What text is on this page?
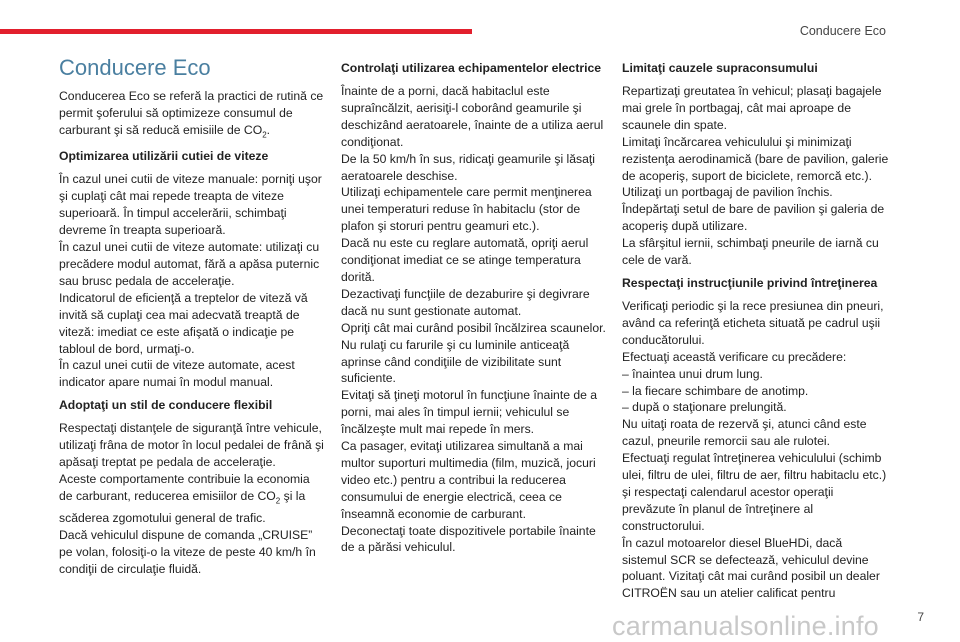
Conducere Eco
Conducere Eco

Conducerea Eco se referă la practici de rutină ce permit şoferului să optimizeze consumul de carburant şi să reducă emisiile de $CO_2$.

Optimizarea utilizării cutiei de viteze

În cazul unei cutii de viteze manuale: porniţi uşor şi cuplaţi cât mai repede treapta de viteze superioară. În timpul accelerării, schimbaţi devreme în treapta superioară.
În cazul unei cutii de viteze automate: utilizaţi cu precădere modul automat, fără a apăsa puternic sau brusc pedala de acceleraţie.
Indicatorul de eficienţă a treptelor de viteză vă invită să cuplaţi cea mai adecvată treaptă de viteză: imediat ce este afişată o indicaţie pe tabloul de bord, urmaţi-o.
În cazul unei cutii de viteze automate, acest indicator apare numai în modul manual.

Adoptaţi un stil de conducere flexibil

Respectaţi distanţele de siguranţă între vehicule, utilizaţi frâna de motor în locul pedalei de frână şi apăsaţi treptat pe pedala de acceleraţie.
Aceste comportamente contribuie la economia de carburant, reducerea emisiilor de $CO_2$ şi la scăderea zgomotului general de trafic.
Dacă vehiculul dispune de comanda „CRUISE” pe volan, folosiţi-o la viteze de peste 40 km/h în condiţii de circulaţie fluidă.

Controlaţi utilizarea echipamentelor electrice

Înainte de a porni, dacă habitaclul este supraîncălzit, aerisiţi-l coborând geamurile şi deschizând aeratoarele, înainte de a utiliza aerul condiţionat.
De la 50 km/h în sus, ridicaţi geamurile şi lăsaţi aeratoarele deschise.
Utilizaţi echipamentele care permit menţinerea unei temperaturi reduse în habitaclu (stor de plafon şi storuri pentru geamuri etc.).
Dacă nu este cu reglare automată, opriţi aerul condiţionat imediat ce se atinge temperatura dorită.
Dezactivaţi funcţiile de dezaburire şi degivrare dacă nu sunt gestionate automat.
Opriţi cât mai curând posibil încălzirea scaunelor.
Nu rulaţi cu farurile şi cu luminile anticeaţă aprinse când condiţiile de vizibilitate sunt suficiente.
Evitaţi să ţineţi motorul în funcţiune înainte de a porni, mai ales în timpul iernii; vehiculul se încălzeşte mult mai repede în mers.
Ca pasager, evitaţi utilizarea simultană a mai multor suporturi multimedia (film, muzică, jocuri video etc.) pentru a contribui la reducerea consumului de energie electrică, ceea ce înseamnă economie de carburant.
Deconectaţi toate dispozitivele portabile înainte de a părăsi vehiculul.

Limitaţi cauzele supraconsumului

Repartizaţi greutatea în vehicul; plasaţi bagajele mai grele în portbagaj, cât mai aproape de scaunele din spate.
Limitaţi încărcarea vehiculului şi minimizaţi rezistenţa aerodinamică (bare de pavilion, galerie de acoperiş, suport de biciclete, remorcă etc.). Utilizaţi un portbagaj de pavilion închis.
Îndepărtaţi setul de bare de pavilion şi galeria de acoperiş după utilizare.
La sfârşitul iernii, schimbaţi pneurile de iarnă cu cele de vară.

Respectaţi instrucţiunile privind întreţinerea

Verificaţi periodic şi la rece presiunea din pneuri, având ca referinţă eticheta situată pe cadrul uşii conducătorului.
Efectuaţi această verificare cu precădere:
– înaintea unui drum lung.
– la fiecare schimbare de anotimp.
– după o staţionare prelungită.
Nu uitaţi roata de rezervă şi, atunci când este cazul, pneurile remorcii sau ale rulotei.
Efectuaţi regulat întreţinerea vehiculului (schimb ulei, filtru de ulei, filtru de aer, filtru habitaclu etc.) şi respectaţi calendarul acestor operaţii prevăzute în planul de întreţinere al constructorului.
În cazul motoarelor diesel BlueHDi, dacă sistemul SCR se defectează, vehiculul devine poluant. Vizitaţi cât mai curând posibil un dealer CITROËN sau un atelier calificat pentru

carmanualsonline.info	7
